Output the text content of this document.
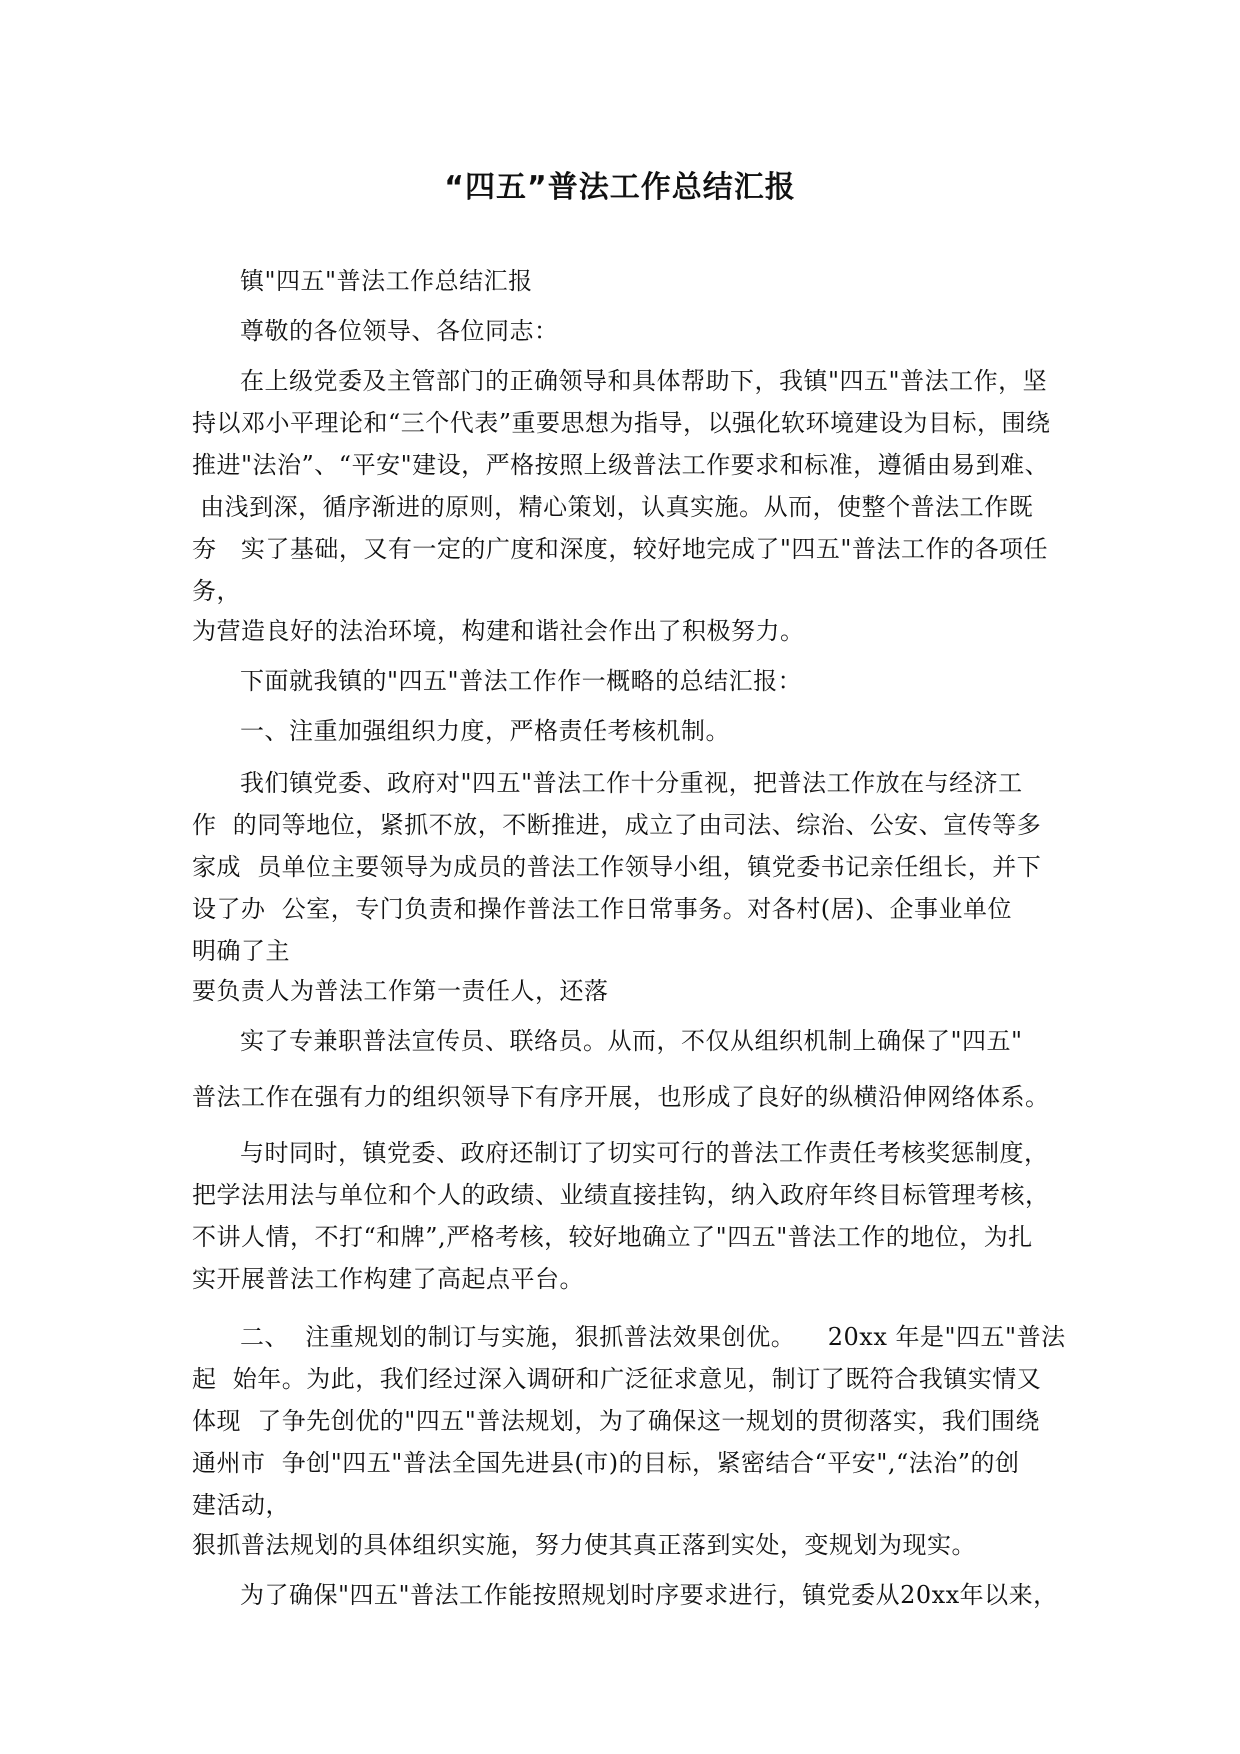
“四五”普法工作总结汇报
镇"四五"普法工作总结汇报
尊敬的各位领导、各位同志：
在上级党委及主管部门的正确领导和具体帮助下，我镇"四五"普法工作，坚
持以邓小平理论和“三个代表”重要思想为指导，以强化软环境建设为目标，围绕
推进"法治”、“平安"建设，严格按照上级普法工作要求和标准，遵循由易到难、
由浅到深，循序渐进的原则，精心策划，认真实施。从而，使整个普法工作既
夯   实了基础，又有一定的广度和深度，较好地完成了"四五"普法工作的各项任
务，
为营造良好的法治环境，构建和谐社会作出了积极努力。
下面就我镇的"四五"普法工作作一概略的总结汇报：
一、注重加强组织力度，严格责任考核机制。
我们镇党委、政府对"四五"普法工作十分重视，把普法工作放在与经济工
作  的同等地位，紧抓不放，不断推进，成立了由司法、综治、公安、宣传等多
家成  员单位主要领导为成员的普法工作领导小组，镇党委书记亲任组长，并下
设了办  公室，专门负责和操作普法工作日常事务。对各村(居)、企事业单位
明确了主
要负责人为普法工作第一责任人，还落
实了专兼职普法宣传员、联络员。从而，不仅从组织机制上确保了"四五"
普法工作在强有力的组织领导下有序开展，也形成了良好的纵横沿伸网络体系。
与时同时，镇党委、政府还制订了切实可行的普法工作责任考核奖惩制度，
把学法用法与单位和个人的政绩、业绩直接挂钩，纳入政府年终目标管理考核，
不讲人情，不打“和牌”,严格考核，较好地确立了"四五"普法工作的地位，为扎
实开展普法工作构建了高起点平台。
二、  注重规划的制订与实施，狠抓普法效果创优。    20xx 年是"四五"普法
起  始年。为此，我们经过深入调研和广泛征求意见，制订了既符合我镇实情又
体现  了争先创优的"四五"普法规划，为了确保这一规划的贯彻落实，我们围绕
通州市  争创"四五"普法全国先进县(市)的目标，紧密结合“平安",“法治”的创
建活动，
狠抓普法规划的具体组织实施，努力使其真正落到实处，变规划为现实。
为了确保"四五"普法工作能按照规划时序要求进行，镇党委从20xx年以来，
